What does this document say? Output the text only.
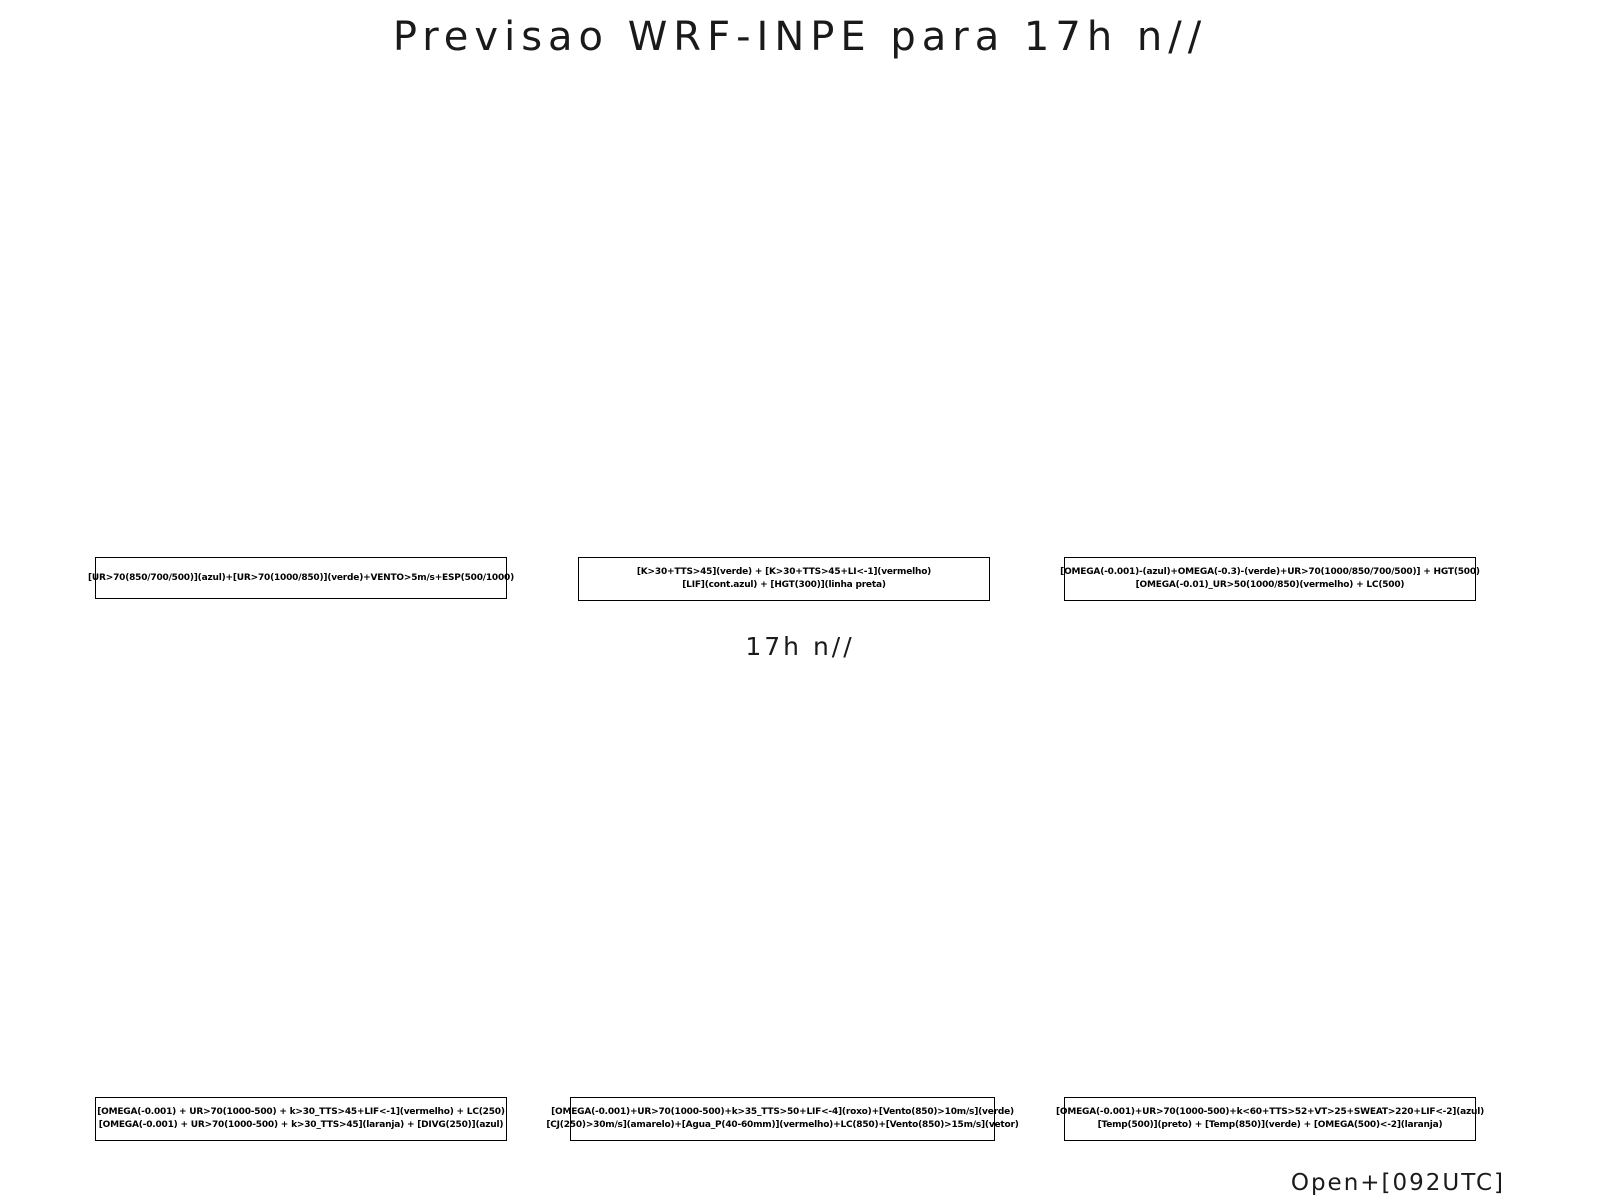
Previsao WRF-INPE para 17h n//
[UR>70(850/700/500)](azul)+[UR>70(1000/850)](verde)+VENTO>5m/s+ESP(500/1000)
[K>30+TTS>45](verde) + [K>30+TTS>45+LI<-1](vermelho)
[LIF](cont.azul) + [HGT(300)](linha preta)
[OMEGA(-0.001)-(azul)+OMEGA(-0.3)-(verde)+UR>70(1000/850/700/500)] + HGT(500)
[OMEGA(-0.01)_UR>50(1000/850)(vermelho) + LC(500)
17h n//
[OMEGA(-0.001) + UR>70(1000-500) + k>30_TTS>45+LIF<-1](vermelho) + LC(250)
[OMEGA(-0.001) + UR>70(1000-500) + k>30_TTS>45](laranja) + [DIVG(250)](azul)
[OMEGA(-0.001)+UR>70(1000-500)+k>35_TTS>50+LIF<-4](roxo)+[Vento(850)>10m/s](verde)
[CJ(250)>30m/s](amarelo)+[Agua_P(40-60mm)](vermelho)+LC(850)+[Vento(850)>15m/s](vetor)
[OMEGA(-0.001)+UR>70(1000-500)+k<60+TTS>52+VT>25+SWEAT>220+LIF<-2](azul)
[Temp(500)](preto) + [Temp(850)](verde) + [OMEGA(500)<-2](laranja)
Open+[092UTC]
